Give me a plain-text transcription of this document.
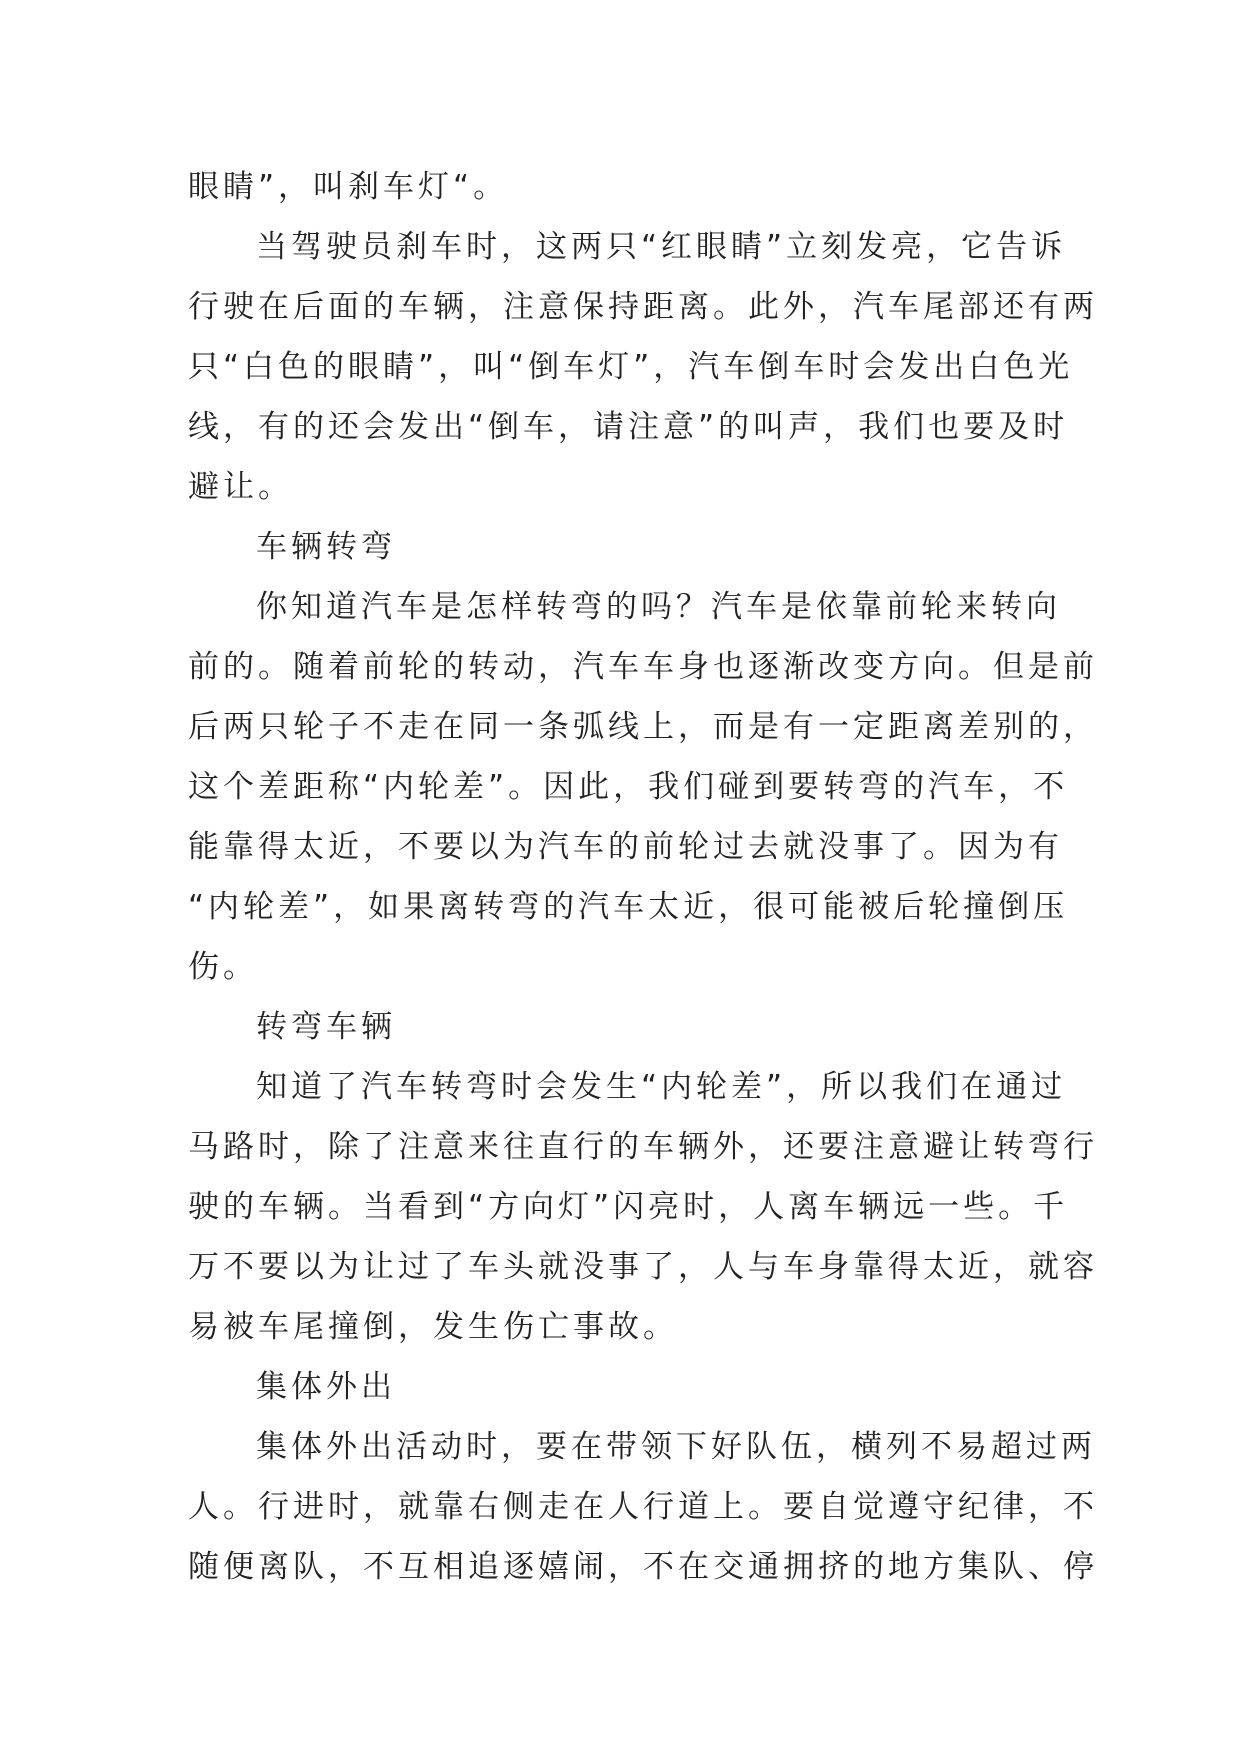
眼睛”，叫刹车灯“。
当驾驶员刹车时，这两只“红眼睛”立刻发亮，它告诉
行驶在后面的车辆，注意保持距离。此外，汽车尾部还有两
只“白色的眼睛”，叫“倒车灯”，汽车倒车时会发出白色光
线，有的还会发出“倒车，请注意”的叫声，我们也要及时
避让。
车辆转弯
你知道汽车是怎样转弯的吗？汽车是依靠前轮来转向
前的。随着前轮的转动，汽车车身也逐渐改变方向。但是前
后两只轮子不走在同一条弧线上，而是有一定距离差别的，
这个差距称“内轮差”。因此，我们碰到要转弯的汽车，不
能靠得太近，不要以为汽车的前轮过去就没事了。因为有
“内轮差”，如果离转弯的汽车太近，很可能被后轮撞倒压
伤。
转弯车辆
知道了汽车转弯时会发生“内轮差”，所以我们在通过
马路时，除了注意来往直行的车辆外，还要注意避让转弯行
驶的车辆。当看到“方向灯”闪亮时，人离车辆远一些。千
万不要以为让过了车头就没事了，人与车身靠得太近，就容
易被车尾撞倒，发生伤亡事故。
集体外出
集体外出活动时，要在带领下好队伍，横列不易超过两
人。行进时，就靠右侧走在人行道上。要自觉遵守纪律，不
随便离队，不互相追逐嬉闹，不在交通拥挤的地方集队、停
